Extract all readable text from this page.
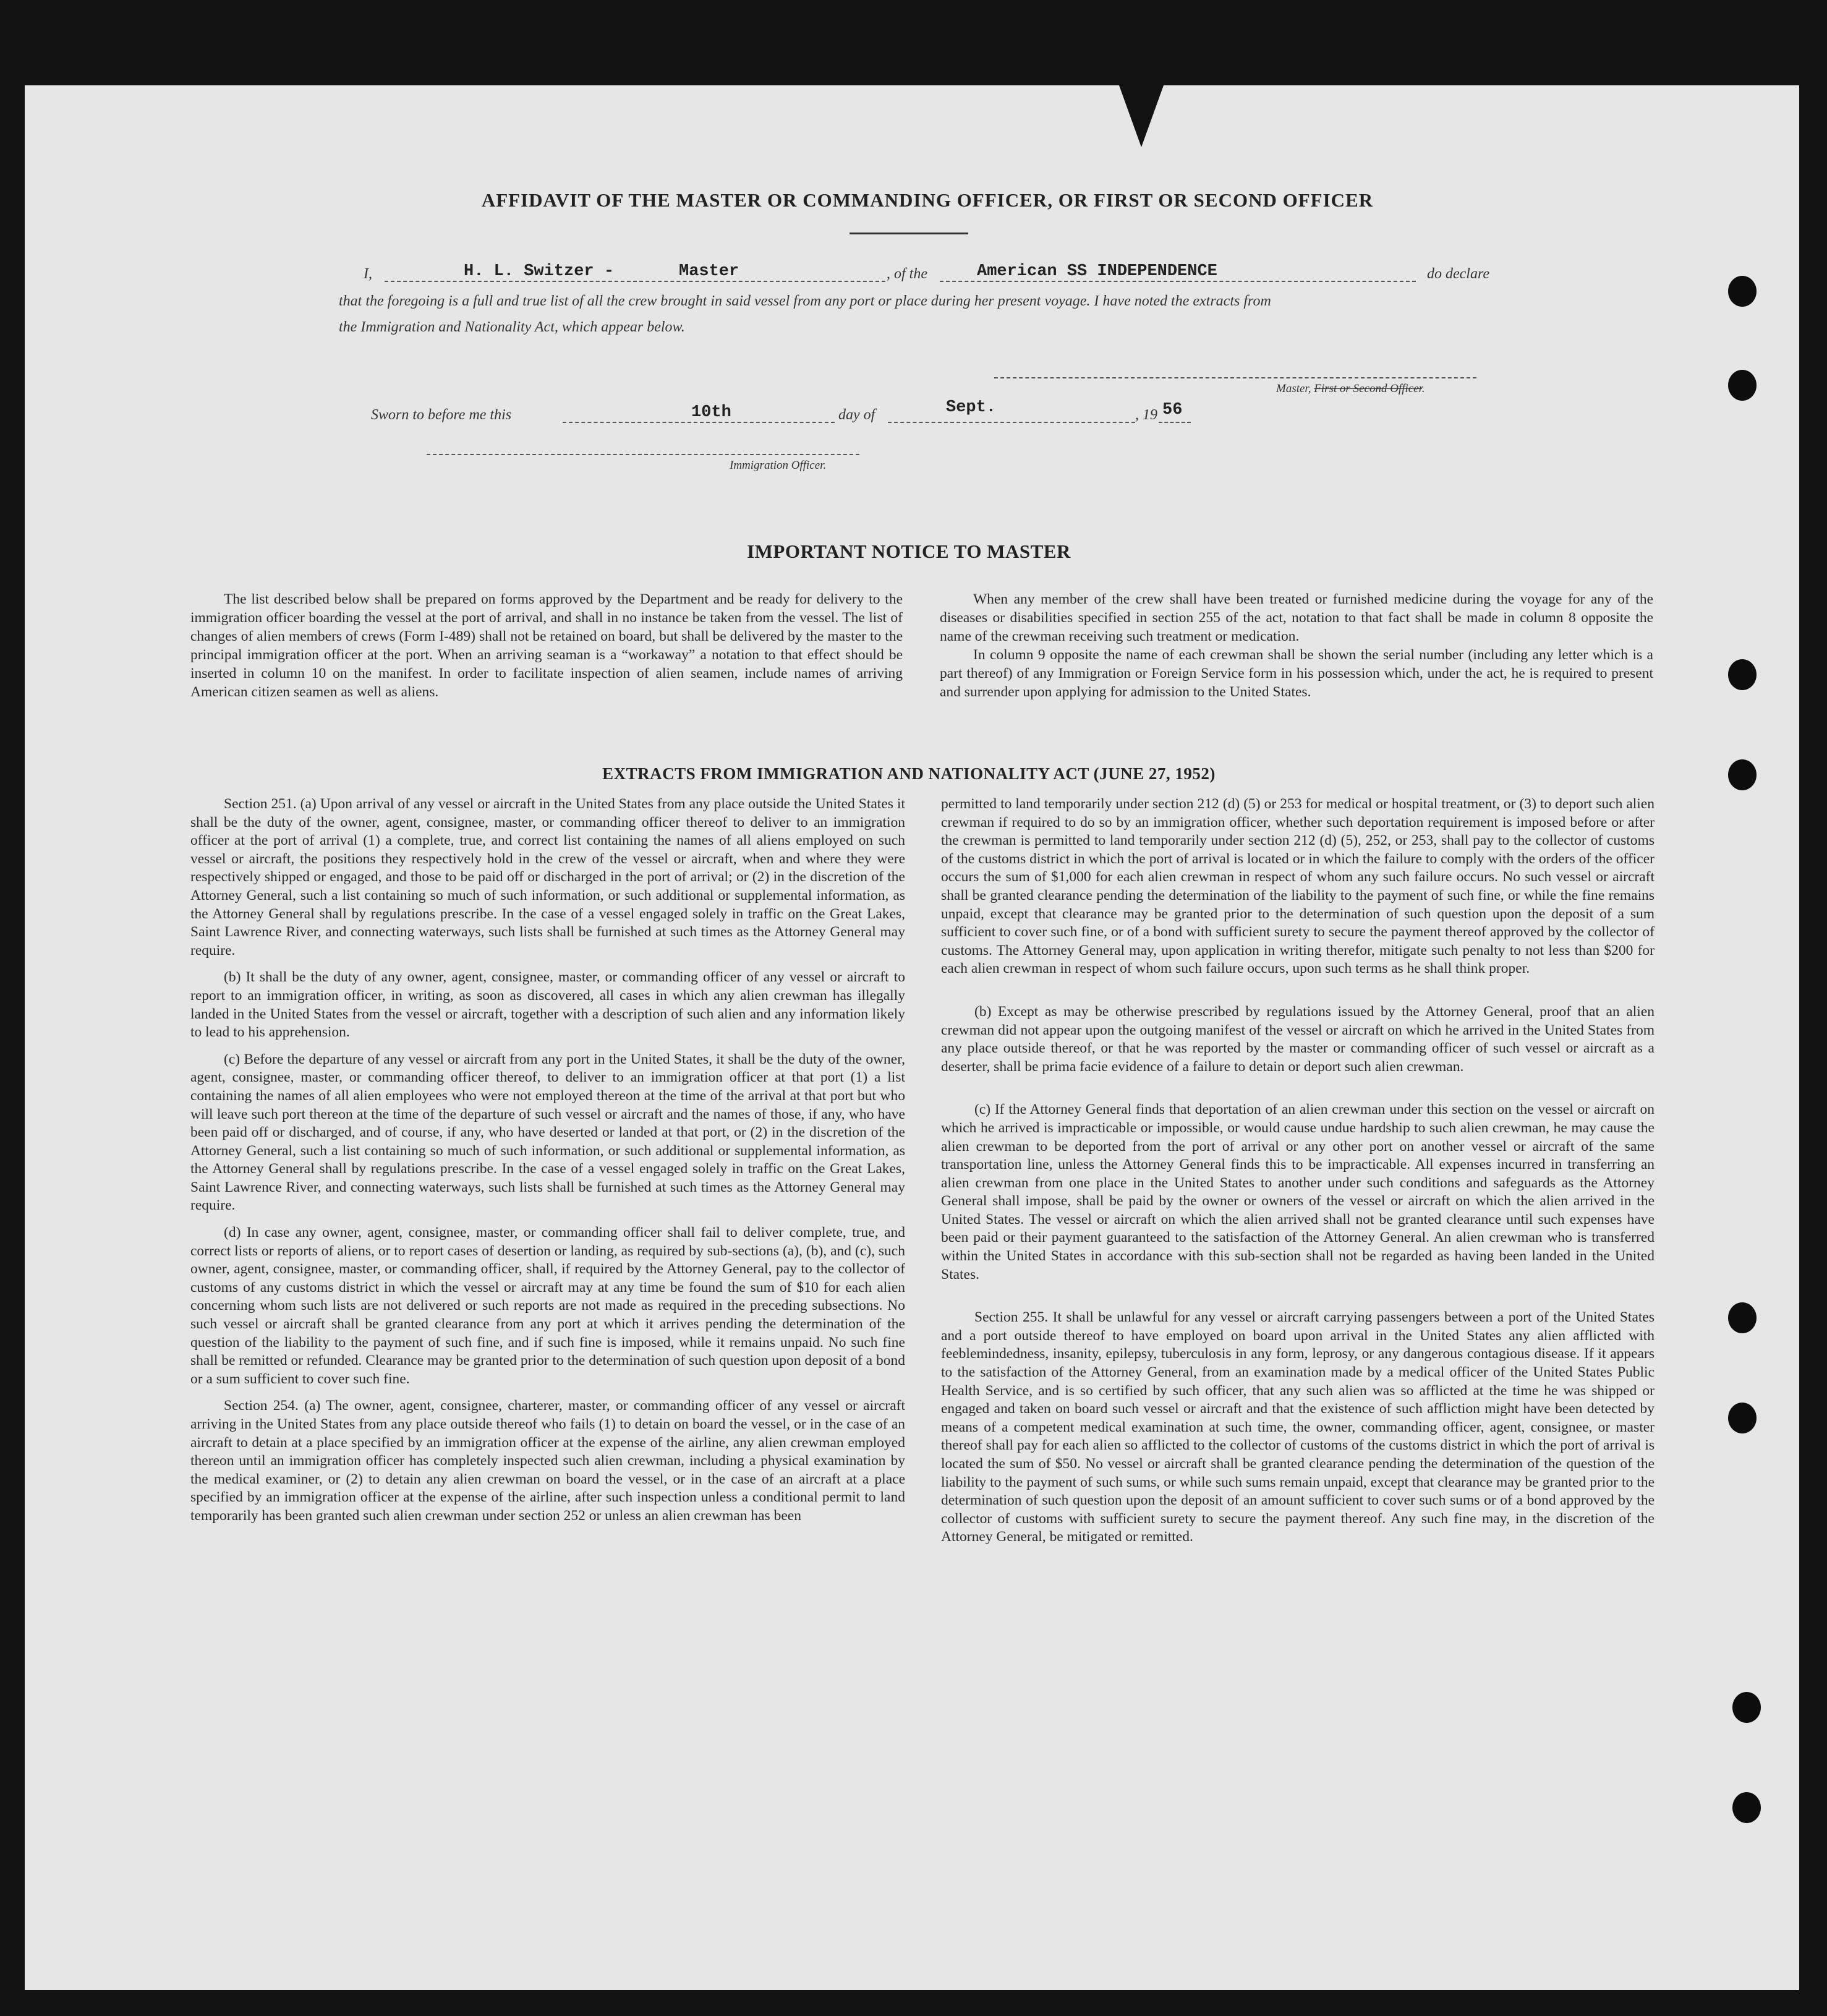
AFFIDAVIT OF THE MASTER OR COMMANDING OFFICER, OR FIRST OR SECOND OFFICER
I,	H. L. Switzer -	Master	, of the	American SS INDEPENDENCE	do declare
that the foregoing is a full and true list of all the crew brought in said vessel from any port or place during her present voyage. I have noted the extracts from
the Immigration and Nationality Act, which appear below.
Master, First or Second Officer.
Sworn to before me this	10th	day of	Sept.	, 19 56
Immigration Officer.
IMPORTANT NOTICE TO MASTER

The list described below shall be prepared on forms approved by the Department and be ready for delivery to the immigration officer boarding the vessel at the port of arrival, and shall in no instance be taken from the vessel. The list of changes of alien members of crews (Form I-489) shall not be retained on board, but shall be delivered by the master to the principal immigration officer at the port. When an arriving seaman is a “workaway” a notation to that effect should be inserted in column 10 on the manifest. In order to facilitate inspection of alien seamen, include names of arriving American citizen seamen as well as aliens.

When any member of the crew shall have been treated or furnished medicine during the voyage for any of the diseases or disabilities specified in section 255 of the act, notation to that fact shall be made in column 8 opposite the name of the crewman receiving such treatment or medication.

In column 9 opposite the name of each crewman shall be shown the serial number (including any letter which is a part thereof) of any Immigration or Foreign Service form in his possession which, under the act, he is required to present and surrender upon applying for admission to the United States.

EXTRACTS FROM IMMIGRATION AND NATIONALITY ACT (JUNE 27, 1952)

Section 251. (a) Upon arrival of any vessel or aircraft in the United States from any place outside the United States it shall be the duty of the owner, agent, consignee, master, or commanding officer thereof to deliver to an immigration officer at the port of arrival (1) a complete, true, and correct list containing the names of all aliens employed on such vessel or aircraft, the positions they respectively hold in the crew of the vessel or aircraft, when and where they were respectively shipped or engaged, and those to be paid off or discharged in the port of arrival; or (2) in the discretion of the Attorney General, such a list containing so much of such information, or such additional or supplemental information, as the Attorney General shall by regulations prescribe. In the case of a vessel engaged solely in traffic on the Great Lakes, Saint Lawrence River, and connecting waterways, such lists shall be furnished at such times as the Attorney General may require.

(b) It shall be the duty of any owner, agent, consignee, master, or commanding officer of any vessel or aircraft to report to an immigration officer, in writing, as soon as discovered, all cases in which any alien crewman has illegally landed in the United States from the vessel or aircraft, together with a description of such alien and any information likely to lead to his apprehension.

(c) Before the departure of any vessel or aircraft from any port in the United States, it shall be the duty of the owner, agent, consignee, master, or commanding officer thereof, to deliver to an immigration officer at that port (1) a list containing the names of all alien employees who were not employed thereon at the time of the arrival at that port but who will leave such port thereon at the time of the departure of such vessel or aircraft and the names of those, if any, who have been paid off or discharged, and of course, if any, who have deserted or landed at that port, or (2) in the discretion of the Attorney General, such a list containing so much of such information, or such additional or supplemental information, as the Attorney General shall by regulations prescribe. In the case of a vessel engaged solely in traffic on the Great Lakes, Saint Lawrence River, and connecting waterways, such lists shall be furnished at such times as the Attorney General may require.

(d) In case any owner, agent, consignee, master, or commanding officer shall fail to deliver complete, true, and correct lists or reports of aliens, or to report cases of desertion or landing, as required by sub-sections (a), (b), and (c), such owner, agent, consignee, master, or commanding officer, shall, if required by the Attorney General, pay to the collector of customs of any customs district in which the vessel or aircraft may at any time be found the sum of $10 for each alien concerning whom such lists are not delivered or such reports are not made as required in the preceding subsections. No such vessel or aircraft shall be granted clearance from any port at which it arrives pending the determination of the question of the liability to the payment of such fine, and if such fine is imposed, while it remains unpaid. No such fine shall be remitted or refunded. Clearance may be granted prior to the determination of such question upon deposit of a bond or a sum sufficient to cover such fine.

Section 254. (a) The owner, agent, consignee, charterer, master, or commanding officer of any vessel or aircraft arriving in the United States from any place outside thereof who fails (1) to detain on board the vessel, or in the case of an aircraft to detain at a place specified by an immigration officer at the expense of the airline, any alien crewman employed thereon until an immigration officer has completely inspected such alien crewman, including a physical examination by the medical examiner, or (2) to detain any alien crewman on board the vessel, or in the case of an aircraft at a place specified by an immigration officer at the expense of the airline, after such inspection unless a conditional permit to land temporarily has been granted such alien crewman under section 252 or unless an alien crewman has been

permitted to land temporarily under section 212 (d) (5) or 253 for medical or hospital treatment, or (3) to deport such alien crewman if required to do so by an immigration officer, whether such deportation requirement is imposed before or after the crewman is permitted to land temporarily under section 212 (d) (5), 252, or 253, shall pay to the collector of customs of the customs district in which the port of arrival is located or in which the failure to comply with the orders of the officer occurs the sum of $1,000 for each alien crewman in respect of whom any such failure occurs. No such vessel or aircraft shall be granted clearance pending the determination of the liability to the payment of such fine, or while the fine remains unpaid, except that clearance may be granted prior to the determination of such question upon the deposit of a sum sufficient to cover such fine, or of a bond with sufficient surety to secure the payment thereof approved by the collector of customs. The Attorney General may, upon application in writing therefor, mitigate such penalty to not less than $200 for each alien crewman in respect of whom such failure occurs, upon such terms as he shall think proper.

(b) Except as may be otherwise prescribed by regulations issued by the Attorney General, proof that an alien crewman did not appear upon the outgoing manifest of the vessel or aircraft on which he arrived in the United States from any place outside thereof, or that he was reported by the master or commanding officer of such vessel or aircraft as a deserter, shall be prima facie evidence of a failure to detain or deport such alien crewman.

(c) If the Attorney General finds that deportation of an alien crewman under this section on the vessel or aircraft on which he arrived is impracticable or impossible, or would cause undue hardship to such alien crewman, he may cause the alien crewman to be deported from the port of arrival or any other port on another vessel or aircraft of the same transportation line, unless the Attorney General finds this to be impracticable. All expenses incurred in transferring an alien crewman from one place in the United States to another under such conditions and safeguards as the Attorney General shall impose, shall be paid by the owner or owners of the vessel or aircraft on which the alien arrived in the United States. The vessel or aircraft on which the alien arrived shall not be granted clearance until such expenses have been paid or their payment guaranteed to the satisfaction of the Attorney General. An alien crewman who is transferred within the United States in accordance with this sub-section shall not be regarded as having been landed in the United States.

Section 255. It shall be unlawful for any vessel or aircraft carrying passengers between a port of the United States and a port outside thereof to have employed on board upon arrival in the United States any alien afflicted with feeblemindedness, insanity, epilepsy, tuberculosis in any form, leprosy, or any dangerous contagious disease. If it appears to the satisfaction of the Attorney General, from an examination made by a medical officer of the United States Public Health Service, and is so certified by such officer, that any such alien was so afflicted at the time he was shipped or engaged and taken on board such vessel or aircraft and that the existence of such affliction might have been detected by means of a competent medical examination at such time, the owner, commanding officer, agent, consignee, or master thereof shall pay for each alien so afflicted to the collector of customs of the customs district in which the port of arrival is located the sum of $50. No vessel or aircraft shall be granted clearance pending the determination of the question of the liability to the payment of such sums, or while such sums remain unpaid, except that clearance may be granted prior to the determination of such question upon the deposit of an amount sufficient to cover such sums or of a bond approved by the collector of customs with sufficient surety to secure the payment thereof. Any such fine may, in the discretion of the Attorney General, be mitigated or remitted.
